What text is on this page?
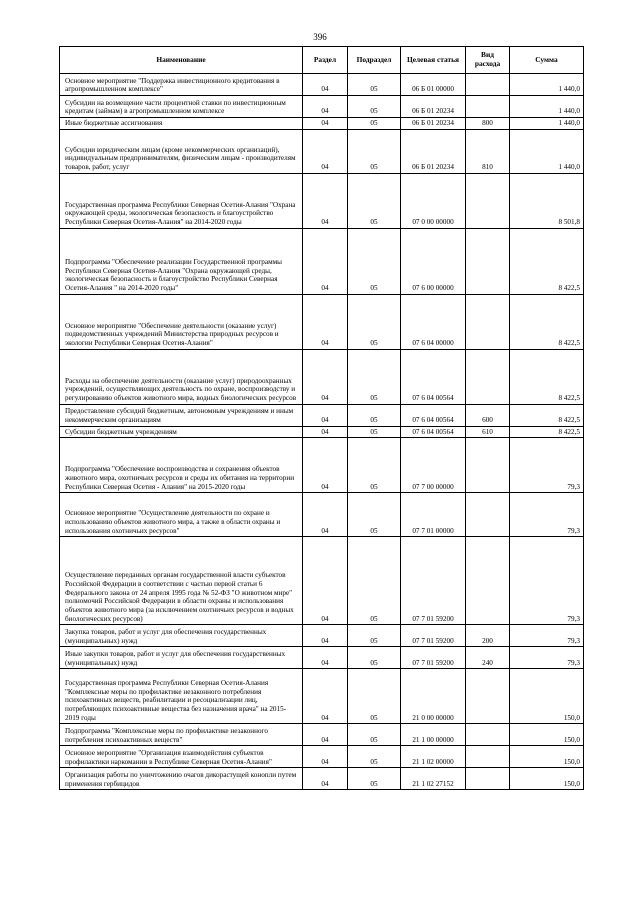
396
Наименование	Раздел	Подраздел	Целевая статья	Вид расхода	Сумма
Основное мероприятие "Поддержка инвестиционного кредитования в агропромышленном комплексе"	04	05	06 Б 01 00000		1 440,0
Субсидии на возмещение части процентной ставки по инвестиционным кредитам (займам) в агропромышленном комплексе	04	05	06 Б 01 20234		1 440,0
Иные бюджетные ассигнования	04	05	06 Б 01 20234	800	1 440,0
Субсидии юридическим лицам (кроме некоммерческих организаций), индивидуальным предпринимателям, физическим лицам - производителям товаров, работ, услуг	04	05	06 Б 01 20234	810	1 440,0
Государственная программа Республики Северная Осетия-Алания "Охрана окружающей среды, экологическая безопасность и благоустройство Республики Северная Осетия-Алания" на 2014-2020 годы	04	05	07 0 00 00000		8 501,8
Подпрограмма "Обеспечение реализации Государственной программы Республики Северная Осетия-Алания "Охрана окружающей среды, экологическая безопасность и благоустройство Республики Северная Осетия-Алания " на 2014-2020 годы"	04	05	07 6 00 00000		8 422,5
Основное мероприятие "Обеспечение деятельности (оказание услуг) подведомственных учреждений Министерства природных ресурсов и экологии Республики Северная Осетия-Алания"	04	05	07 6 04 00000		8 422,5
Расходы на обеспечение деятельности (оказание услуг) природоохранных учреждений, осуществляющих деятельность по охране, воспроизводству и регулированию объектов животного мира, водных биологических ресурсов	04	05	07 6 04 00564		8 422,5
Предоставление субсидий бюджетным, автономным учреждениям и иным некоммерческим организациям	04	05	07 6 04 00564	600	8 422,5
Субсидии бюджетным учреждениям	04	05	07 6 04 00564	610	8 422,5
Подпрограмма "Обеспечение воспроизводства и сохранения объектов животного мира, охотничьих ресурсов и среды их обитания на территории Республики Северная Осетия - Алания" на 2015-2020 годы	04	05	07 7 00 00000		79,3
Основное мероприятие "Осуществление деятельности по охране и использованию объектов животного мира, а также в области охраны и использования охотничьих ресурсов"	04	05	07 7 01 00000		79,3
Осуществление переданных органам государственной власти субъектов Российской Федерации в соответствии с частью первой статьи 6 Федерального закона от 24 апреля 1995 года № 52-ФЗ "О животном мире" полномочий Российской Федерации в области охраны и использования объектов животного мира (за исключением охотничьих ресурсов и водных биологических ресурсов)	04	05	07 7 01 59200		79,3
Закупка товаров, работ и услуг для обеспечения государственных (муниципальных) нужд	04	05	07 7 01 59200	200	79,3
Иные закупки товаров, работ и услуг для обеспечения государственных (муниципальных) нужд	04	05	07 7 01 59200	240	79,3
Государственная программа Республики Северная Осетия-Алания "Комплексные меры по профилактике незаконного потребления психоактивных веществ, реабилитации и ресоциализации лиц, потребляющих психоактивные вещества без назначения врача" на 2015-2019 годы	04	05	21 0 00 00000		150,0
Подпрограмма "Комплексные меры по профилактике незаконного потребления психоактивных веществ"	04	05	21 1 00 00000		150,0
Основное мероприятие "Организация взаимодействия субъектов профилактики наркомании в Республике Северная Осетия-Алания"	04	05	21 1 02 00000		150,0
Организация работы по уничтожению очагов дикорастущей конопли путем применения гербицидов	04	05	21 1 02 27152		150,0
